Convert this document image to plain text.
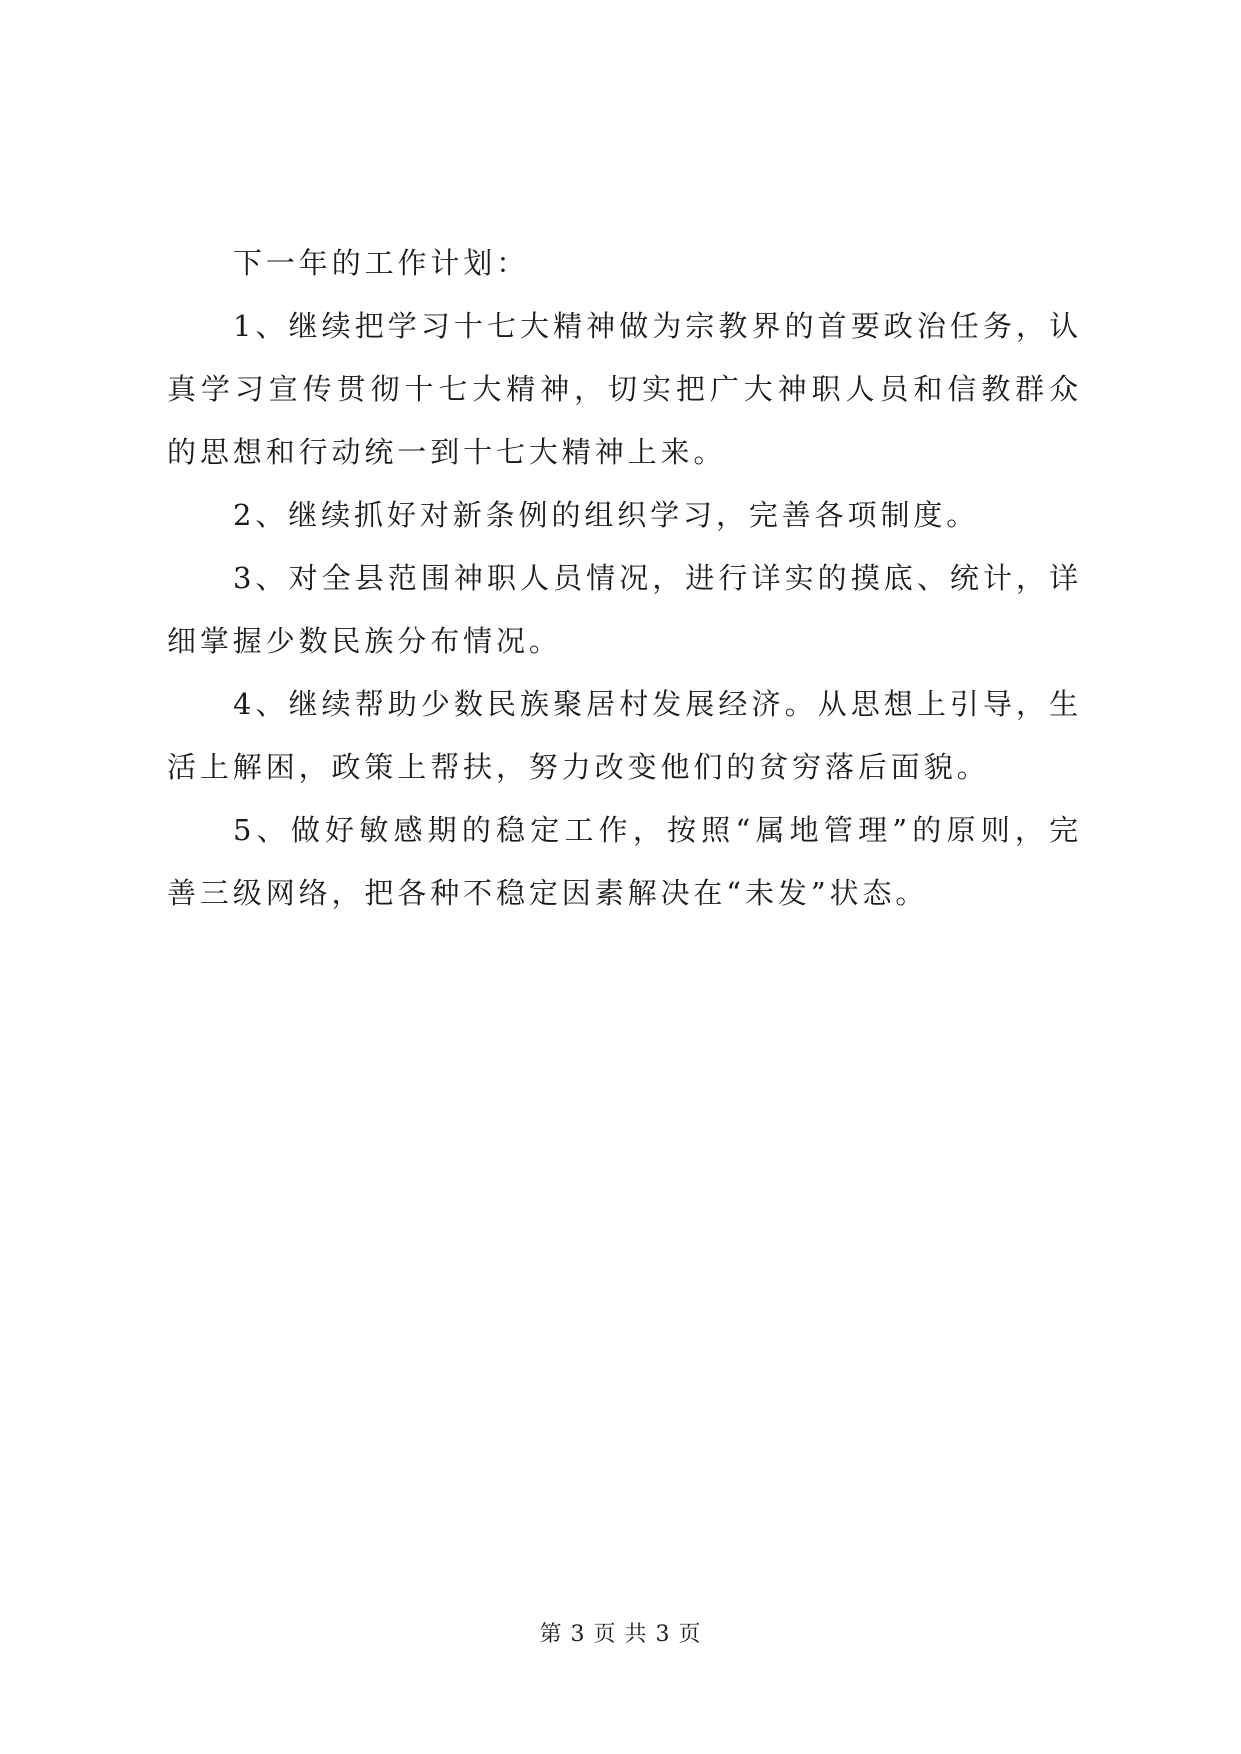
下一年的工作计划：

1、继续把学习十七大精神做为宗教界的首要政治任务，认真学习宣传贯彻十七大精神，切实把广大神职人员和信教群众的思想和行动统一到十七大精神上来。

2、继续抓好对新条例的组织学习，完善各项制度。

3、对全县范围神职人员情况，进行详实的摸底、统计，详细掌握少数民族分布情况。

4、继续帮助少数民族聚居村发展经济。从思想上引导，生活上解困，政策上帮扶，努力改变他们的贫穷落后面貌。

5、做好敏感期的稳定工作，按照“属地管理”的原则，完善三级网络，把各种不稳定因素解决在“未发”状态。

第 3 页 共 3 页
